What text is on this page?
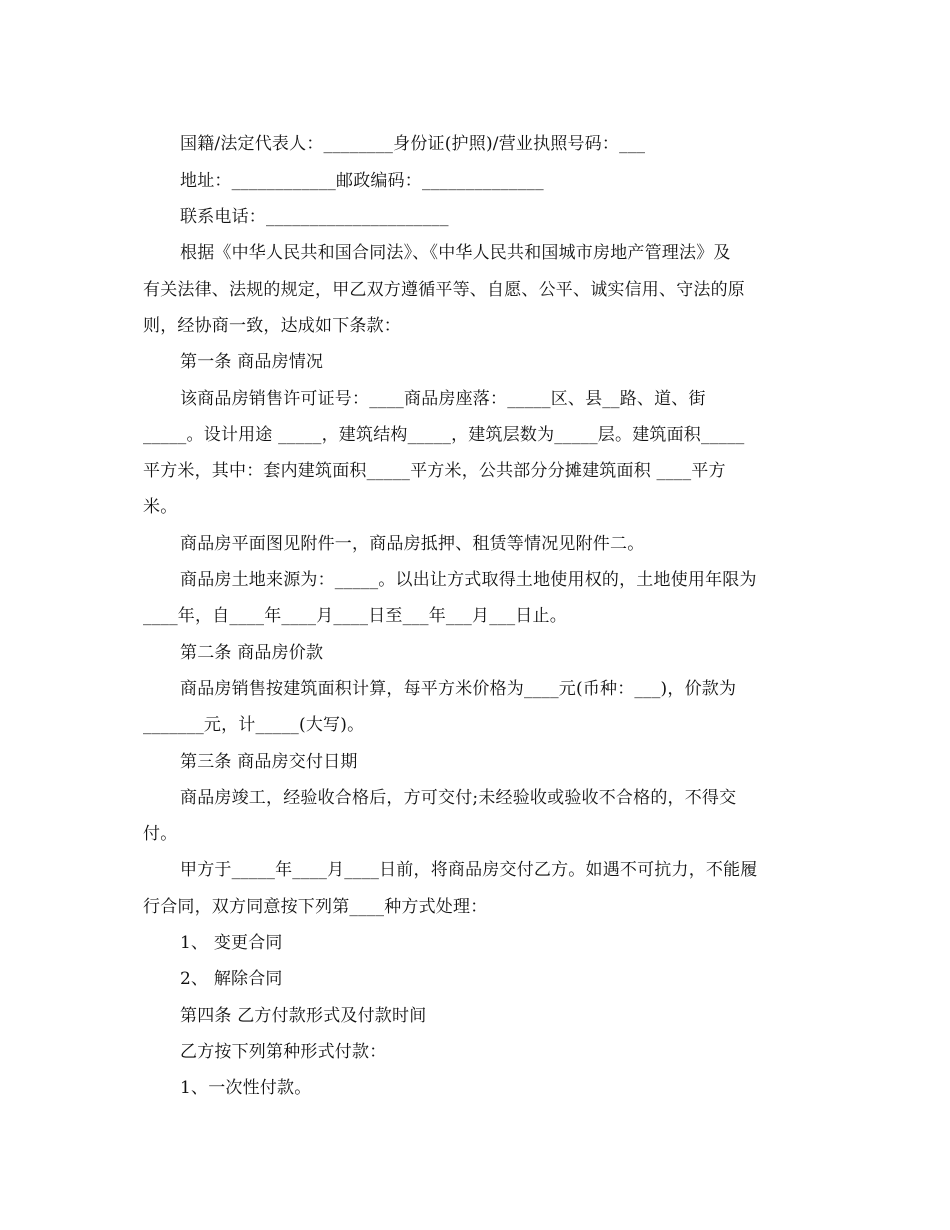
国籍/法定代表人：________身份证(护照)/营业执照号码：___
地址：____________邮政编码：______________
联系电话：_____________________
根据《中华人民共和国合同法》、《中华人民共和国城市房地产管理法》及
有关法律、法规的规定，甲乙双方遵循平等、自愿、公平、诚实信用、守法的原
则，经协商一致，达成如下条款：
第一条 商品房情况
该商品房销售许可证号：____商品房座落：_____区、县__路、道、街
_____。设计用途 _____，建筑结构_____，建筑层数为_____层。建筑面积_____
平方米，其中：套内建筑面积_____平方米，公共部分分摊建筑面积 ____平方
米。
商品房平面图见附件一，商品房抵押、租赁等情况见附件二。
商品房土地来源为：_____。以出让方式取得土地使用权的，土地使用年限为
____年，自____年____月____日至___年___月___日止。
第二条 商品房价款
商品房销售按建筑面积计算，每平方米价格为____元(币种：___)，价款为
_______元，计_____(大写)。
第三条 商品房交付日期
商品房竣工，经验收合格后，方可交付;未经验收或验收不合格的，不得交
付。
甲方于_____年____月____日前，将商品房交付乙方。如遇不可抗力，不能履
行合同，双方同意按下列第____种方式处理：
1、 变更合同
2、 解除合同
第四条 乙方付款形式及付款时间
乙方按下列第种形式付款：
1、一次性付款。
